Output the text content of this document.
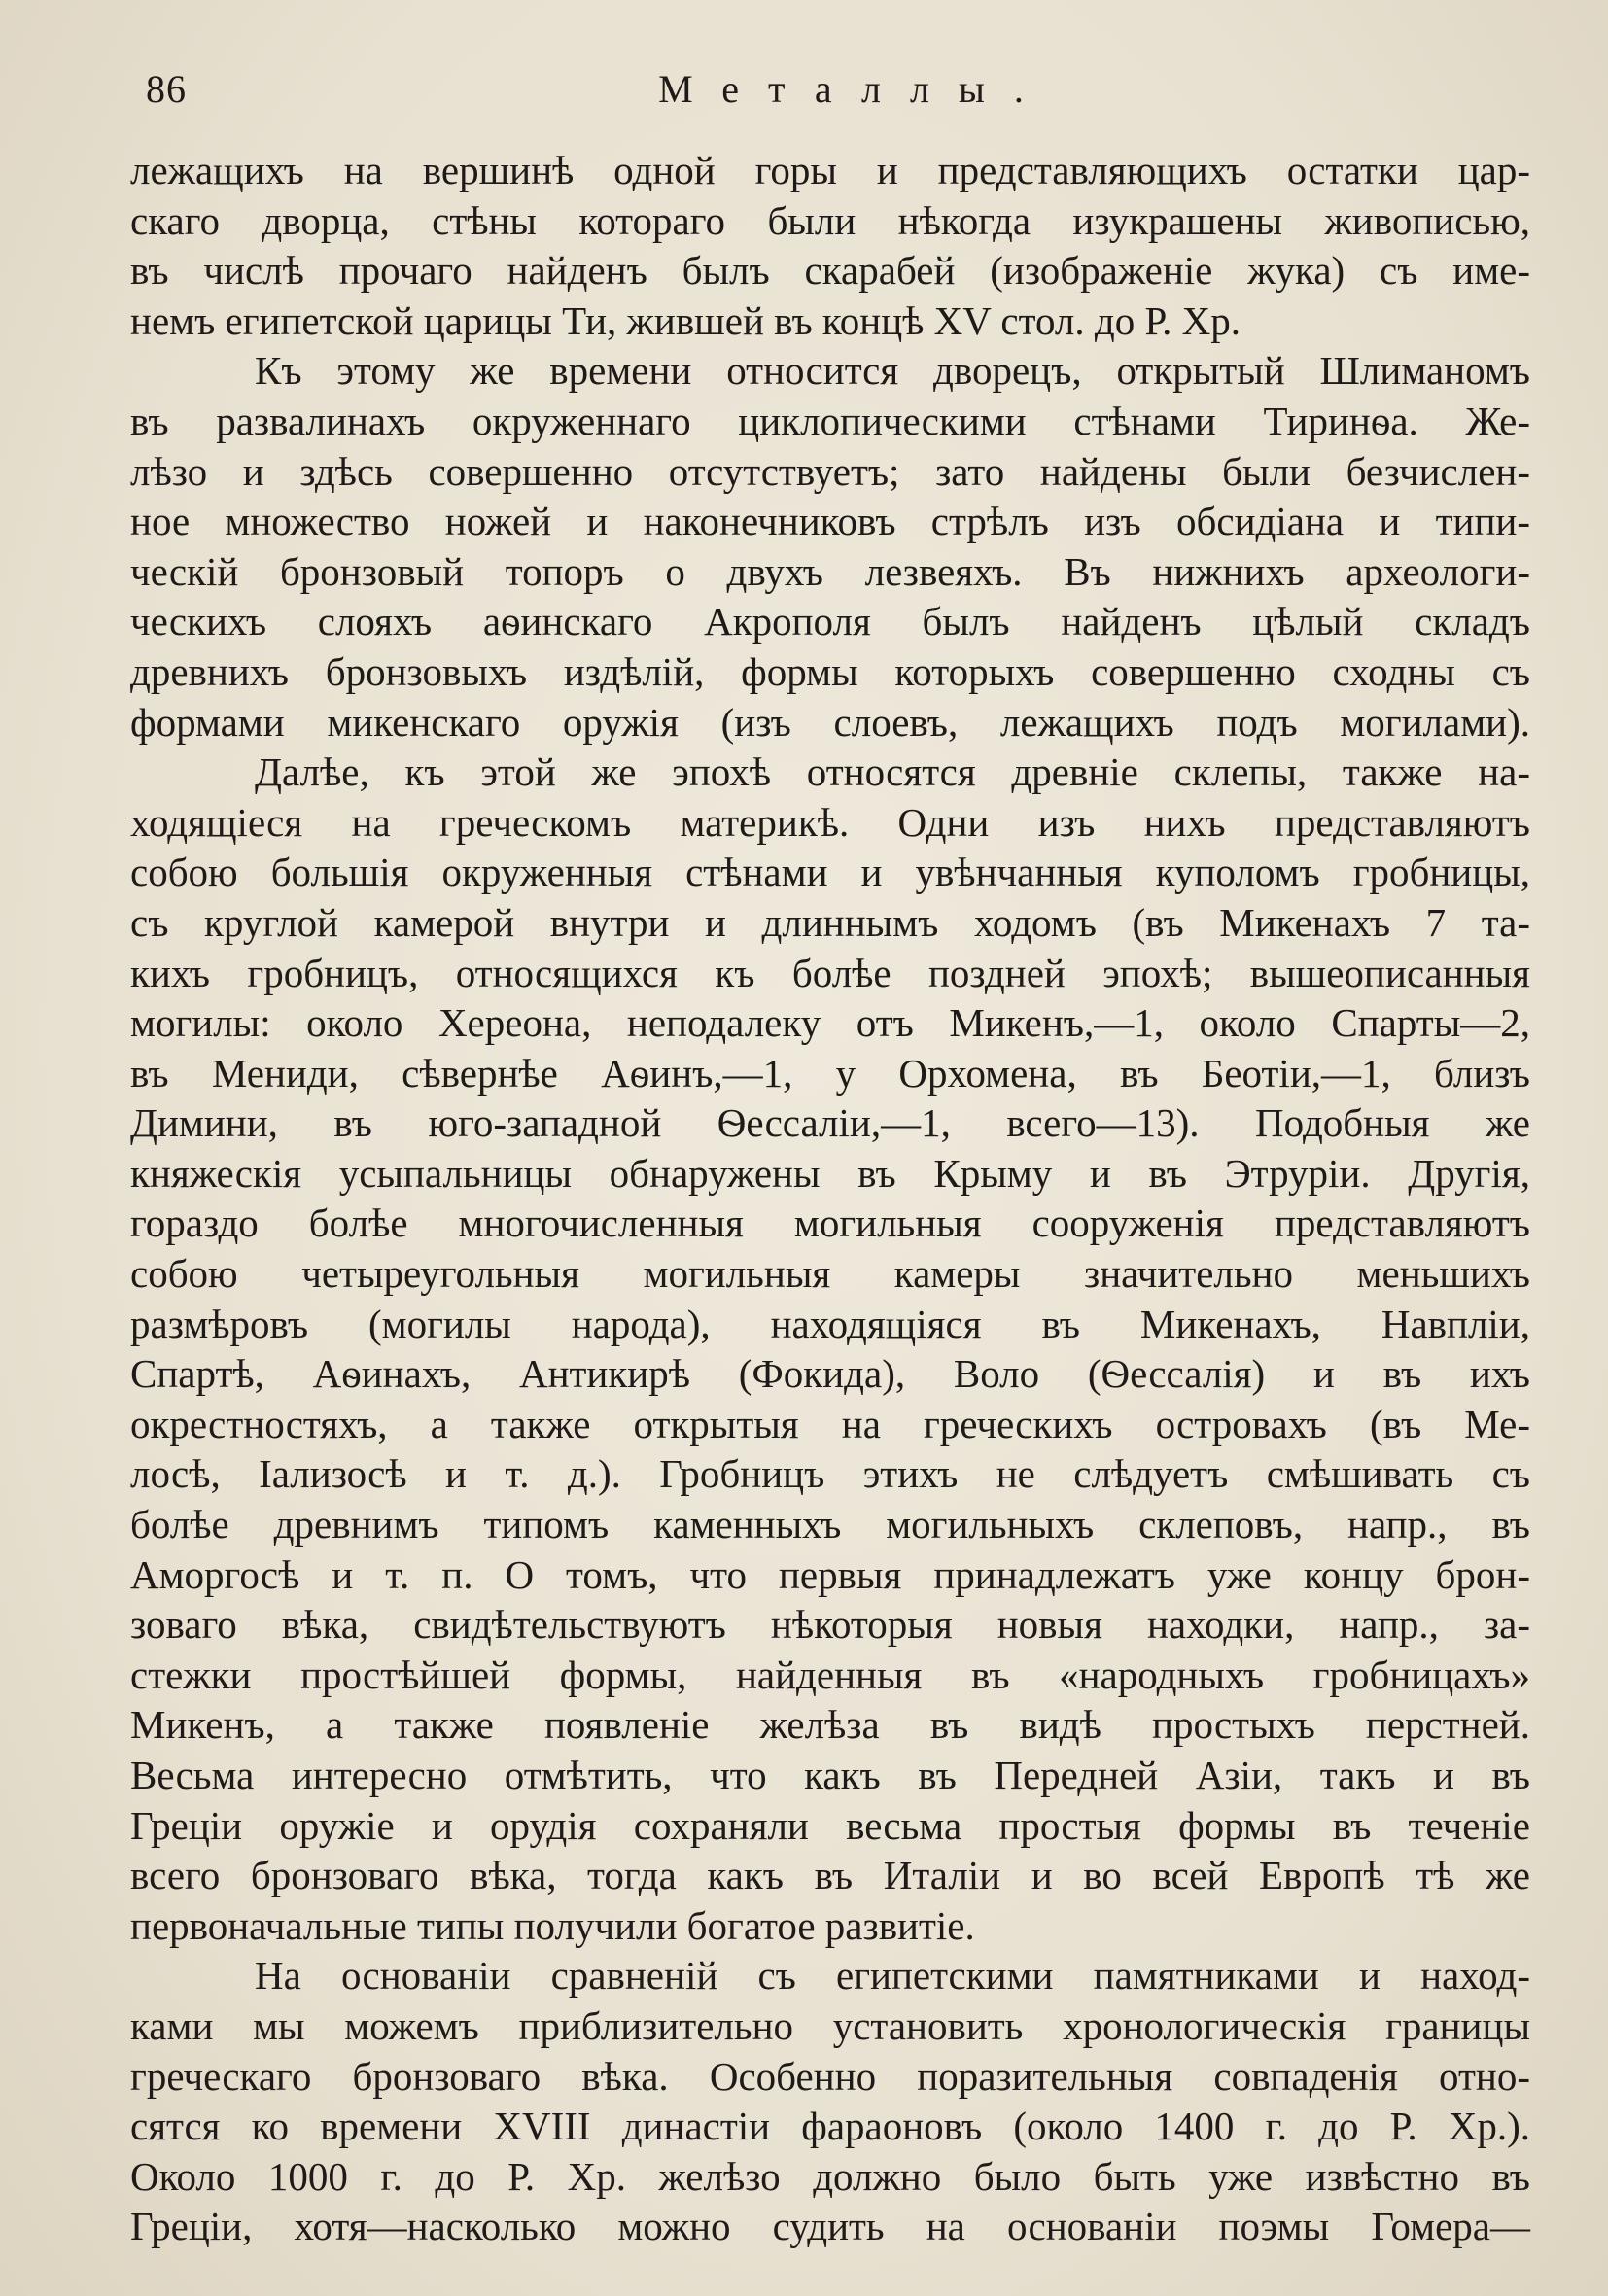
86	Металлы.
лежащихъ на вершинѣ одной горы и представляющихъ остатки цар-
скаго дворца, стѣны котораго были нѣкогда изукрашены живописью,
въ числѣ прочаго найденъ былъ скарабей (изображеніе жука) съ име-
немъ египетской царицы Ти, жившей въ концѣ XV стол. до Р. Хр.
Къ этому же времени относится дворецъ, открытый Шлиманомъ
въ развалинахъ окруженнаго циклопическими стѣнами Тиринѳа. Же-
лѣзо и здѣсь совершенно отсутствуетъ; зато найдены были безчислен-
ное множество ножей и наконечниковъ стрѣлъ изъ обсидіана и типи-
ческій бронзовый топоръ о двухъ лезвеяхъ. Въ нижнихъ археологи-
ческихъ слояхъ аѳинскаго Акрополя былъ найденъ цѣлый складъ
древнихъ бронзовыхъ издѣлій, формы которыхъ совершенно сходны съ
формами микенскаго оружія (изъ слоевъ, лежащихъ подъ могилами).
Далѣе, къ этой же эпохѣ относятся древніе склепы, также на-
ходящіеся на греческомъ материкѣ. Одни изъ нихъ представляютъ
собою большія окруженныя стѣнами и увѣнчанныя куполомъ гробницы,
съ круглой камерой внутри и длиннымъ ходомъ (въ Микенахъ 7 та-
кихъ гробницъ, относящихся къ болѣе поздней эпохѣ; вышеописанныя
могилы: около Хереона, неподалеку отъ Микенъ,—1, около Спарты—2,
въ Мениди, сѣвернѣе Аѳинъ,—1, у Орхомена, въ Беотіи,—1, близъ
Димини, въ юго-западной Ѳессаліи,—1, всего—13). Подобныя же
княжескія усыпальницы обнаружены въ Крыму и въ Этруріи. Другія,
гораздо болѣе многочисленныя могильныя сооруженія представляютъ
собою четыреугольныя могильныя камеры значительно меньшихъ
размѣровъ (могилы народа), находящіяся въ Микенахъ, Навпліи,
Спартѣ, Аѳинахъ, Антикирѣ (Фокида), Воло (Ѳессалія) и въ ихъ
окрестностяхъ, а также открытыя на греческихъ островахъ (въ Ме-
лосѣ, Іализосѣ и т. д.). Гробницъ этихъ не слѣдуетъ смѣшивать съ
болѣе древнимъ типомъ каменныхъ могильныхъ склеповъ, напр., въ
Аморгосѣ и т. п. О томъ, что первыя принадлежатъ уже концу брон-
зоваго вѣка, свидѣтельствуютъ нѣкоторыя новыя находки, напр., за-
стежки простѣйшей формы, найденныя въ «народныхъ гробницахъ»
Микенъ, а также появленіе желѣза въ видѣ простыхъ перстней.
Весьма интересно отмѣтить, что какъ въ Передней Азіи, такъ и въ
Греціи оружіе и орудія сохраняли весьма простыя формы въ теченіе
всего бронзоваго вѣка, тогда какъ въ Италіи и во всей Европѣ тѣ же
первоначальные типы получили богатое развитіе.
На основаніи сравненій съ египетскими памятниками и наход-
ками мы можемъ приблизительно установить хронологическія границы
греческаго бронзоваго вѣка. Особенно поразительныя совпаденія отно-
сятся ко времени XVIII династіи фараоновъ (около 1400 г. до Р. Хр.).
Около 1000 г. до Р. Хр. желѣзо должно было быть уже извѣстно въ
Греціи, хотя—насколько можно судить на основаніи поэмы Гомера—
